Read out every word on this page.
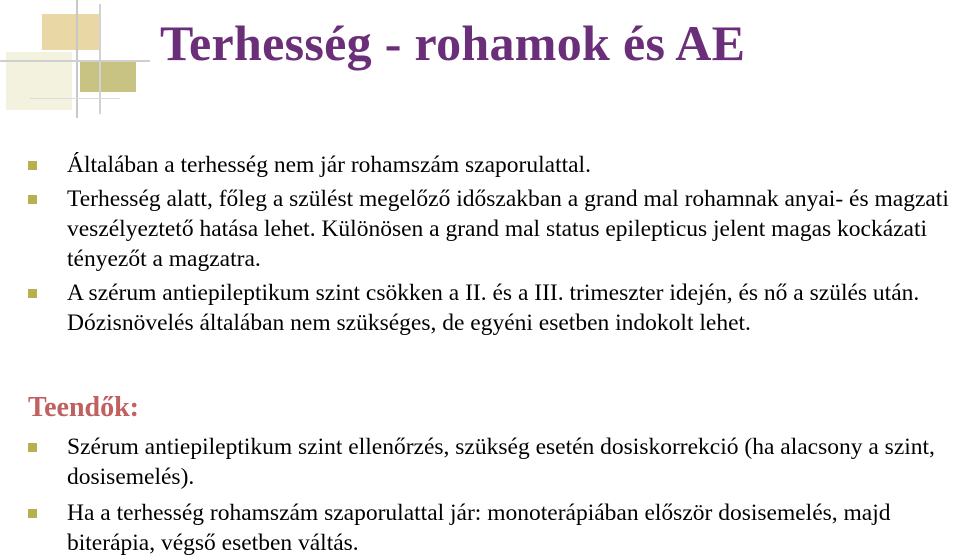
Terhesség - rohamok és AE
Általában a terhesség nem jár rohamszám szaporulattal.
Terhesség alatt, főleg a szülést megelőző időszakban a grand mal rohamnak anyai- és magzati veszélyeztető hatása lehet. Különösen a grand mal status epilepticus jelent magas kockázati tényezőt a magzatra.
A szérum antiepileptikum szint csökken a II. és a III. trimeszter idején, és nő a szülés után. Dózisnövelés általában nem szükséges, de egyéni esetben indokolt lehet.
Teendők:
Szérum antiepileptikum szint ellenőrzés, szükség esetén dosiskorrekció (ha alacsony a szint, dosisemelés).
Ha a terhesség rohamszám szaporulattal jár: monoterápiában először dosisemelés, majd biterápia, végső esetben váltás.
